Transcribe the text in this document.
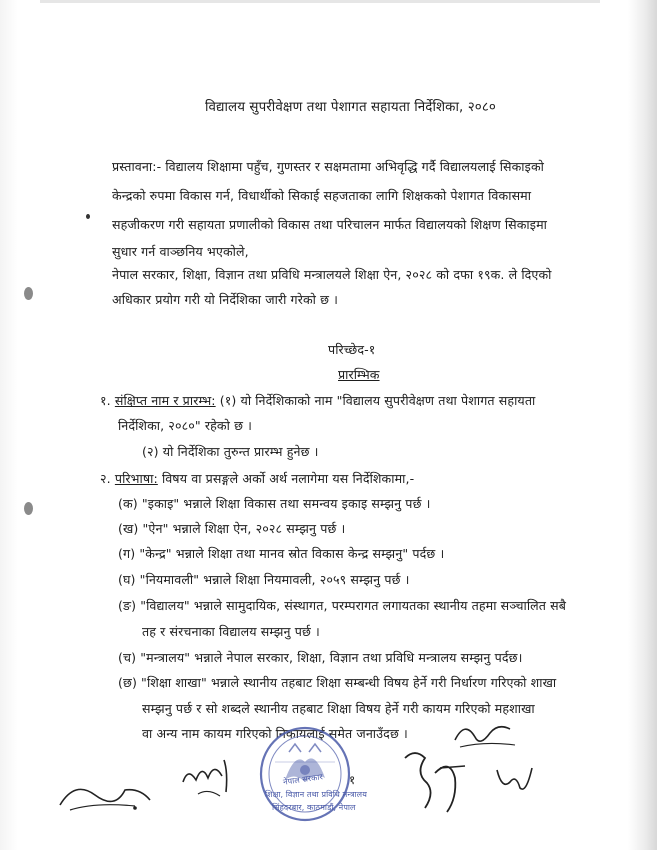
विद्यालय सुपरीवेक्षण तथा पेशागत सहायता निर्देशिका, २०८०
प्रस्तावना:- विद्यालय शिक्षामा पहुँच, गुणस्तर र सक्षमतामा अभिवृद्धि गर्दै विद्यालयलाई सिकाइको
केन्द्रको रुपमा विकास गर्न, विधार्थीको सिकाई सहजताका लागि शिक्षकको पेशागत विकासमा
सहजीकरण गरी सहायता प्रणालीको विकास तथा परिचालन मार्फत विद्यालयको शिक्षण सिकाइमा
सुधार गर्न वाञ्छनिय भएकोले,
नेपाल सरकार, शिक्षा, विज्ञान तथा प्रविधि मन्त्रालयले शिक्षा ऐन, २०२८ को दफा १९क. ले दिएको
अधिकार प्रयोग गरी यो निर्देशिका जारी गरेको छ ।
परिच्छेद-१
प्रारम्भिक
१. संक्षिप्त नाम र प्रारम्भ: (१) यो निर्देशिकाको नाम "विद्यालय सुपरीवेक्षण तथा पेशागत सहायता
निर्देशिका, २०८०" रहेको छ ।
(२) यो निर्देशिका तुरुन्त प्रारम्भ हुनेछ ।
२. परिभाषा: विषय वा प्रसङ्गले अर्को अर्थ नलागेमा यस निर्देशिकामा,-
(क) "इकाइ" भन्नाले शिक्षा विकास तथा समन्वय इकाइ सम्झनु पर्छ ।
(ख) "ऐन" भन्नाले शिक्षा ऐन, २०२८ सम्झनु पर्छ ।
(ग) "केन्द्र" भन्नाले शिक्षा तथा मानव स्रोत विकास केन्द्र सम्झनु" पर्दछ ।
(घ) "नियमावली" भन्नाले शिक्षा नियमावली, २०५९ सम्झनु पर्छ ।
(ङ) "विद्यालय" भन्नाले सामुदायिक, संस्थागत, परम्परागत लगायतका स्थानीय तहमा सञ्चालित सबै
तह र संरचनाका विद्यालय सम्झनु पर्छ ।
(च) "मन्त्रालय" भन्नाले नेपाल सरकार, शिक्षा, विज्ञान तथा प्रविधि मन्त्रालय सम्झनु पर्दछ।
(छ) "शिक्षा शाखा" भन्नाले स्थानीय तहबाट शिक्षा सम्बन्धी विषय हेर्ने गरी निर्धारण गरिएको शाखा
सम्झनु पर्छ र सो शब्दले स्थानीय तहबाट शिक्षा विषय हेर्ने गरी कायम गरिएको महशाखा
वा अन्य नाम कायम गरिएको निकायलाई समेत जनाउँदछ ।
नेपाल सरकार
शिक्षा, विज्ञान तथा प्रविधि मन्त्रालय
सिंहदरबार, काठमाडौं, नेपाल
१
